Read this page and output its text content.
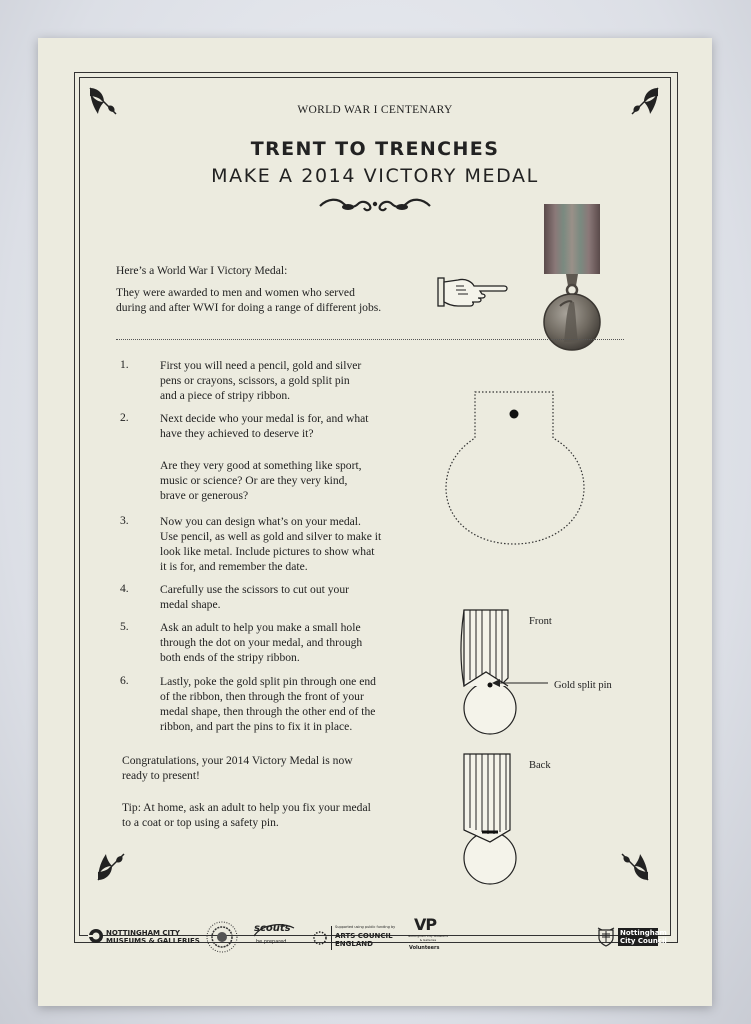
WORLD WAR I CENTENARY
TRENT TO TRENCHES
MAKE A 2014 VICTORY MEDAL
Here’s a World War I Victory Medal:
They were awarded to men and women who served
during and after WWI for doing a range of different jobs.
1.	First you will need a pencil, gold and silver
pens or crayons, scissors, a gold split pin
and a piece of stripy ribbon.
2.	Next decide who your medal is for, and what
have they achieved to deserve it?
Are they very good at something like sport,
music or science? Or are they very kind,
brave or generous?
3.	Now you can design what’s on your medal.
Use pencil, as well as gold and silver to make it
look like metal. Include pictures to show what
it is for, and remember the date.
4.	Carefully use the scissors to cut out your
medal shape.
5.	Ask an adult to help you make a small hole
through the dot on your medal, and through
both ends of the stripy ribbon.
6.	Lastly, poke the gold split pin through one end
of the ribbon, then through the front of your
medal shape, then through the other end of the
ribbon, and part the pins to fix it in place.
Congratulations, your 2014 Victory Medal is now
ready to present!
Tip: At home, ask an adult to help you fix your medal
to a coat or top using a safety pin.
Front
Gold split pin
Back
NOTTINGHAM CITY
MUSEUMS & GALLERIES
scouts
be prepared
Supported using public funding by
ARTS COUNCIL
ENGLAND
VP
Nottingham City Museums & Galleries
Volunteers
Nottingham
City Council
